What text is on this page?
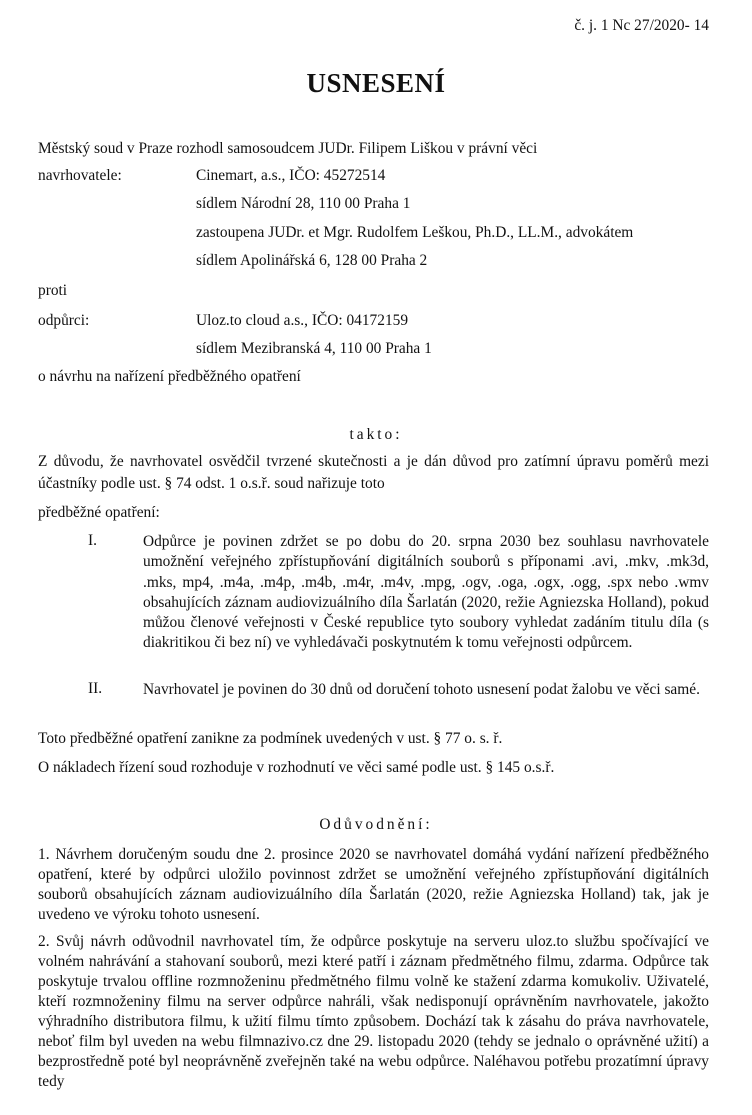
č. j. 1 Nc 27/2020- 14
USNESENÍ
Městský soud v Praze rozhodl samosoudcem JUDr. Filipem Liškou v právní věci
navrhovatele:	Cinemart, a.s., IČO: 45272514
sídlem Národní 28, 110 00 Praha 1
zastoupena JUDr. et Mgr. Rudolfem Leškou, Ph.D., LL.M., advokátem
sídlem Apolinářská 6, 128 00 Praha 2
proti
odpůrci:	Uloz.to cloud a.s., IČO: 04172159
sídlem Mezibranská 4, 110 00 Praha 1
o návrhu na nařízení předběžného opatření
takto:
Z důvodu, že navrhovatel osvědčil tvrzené skutečnosti a je dán důvod pro zatímní úpravu poměrů mezi účastníky podle ust. § 74 odst. 1 o.s.ř. soud nařizuje toto
předběžné opatření:
I.	Odpůrce je povinen zdržet se po dobu do 20. srpna 2030 bez souhlasu navrhovatele umožnění veřejného zpřístupňování digitálních souborů s příponami .avi, .mkv, .mk3d, .mks, mp4, .m4a, .m4p, .m4b, .m4r, .m4v, .mpg, .ogv, .oga, .ogx, .ogg, .spx nebo .wmv obsahujících záznam audiovizuálního díla Šarlatán (2020, režie Agniezska Holland), pokud můžou členové veřejnosti v České republice tyto soubory vyhledat zadáním titulu díla (s diakritikou či bez ní) ve vyhledávači poskytnutém k tomu veřejnosti odpůrcem.
II.	Navrhovatel je povinen do 30 dnů od doručení tohoto usnesení podat žalobu ve věci samé.
Toto předběžné opatření zanikne za podmínek uvedených v ust. § 77 o. s. ř.
O nákladech řízení soud rozhoduje v rozhodnutí ve věci samé podle ust. § 145 o.s.ř.
Odůvodnění:
1. Návrhem doručeným soudu dne 2. prosince 2020 se navrhovatel domáhá vydání nařízení předběžného opatření, které by odpůrci uložilo povinnost zdržet se umožnění veřejného zpřístupňování digitálních souborů obsahujících záznam audiovizuálního díla Šarlatán (2020, režie Agniezska Holland) tak, jak je uvedeno ve výroku tohoto usnesení.
2. Svůj návrh odůvodnil navrhovatel tím, že odpůrce poskytuje na serveru uloz.to službu spočívající ve volném nahrávání a stahovaní souborů, mezi které patří i záznam předmětného filmu, zdarma. Odpůrce tak poskytuje trvalou offline rozmnoženinu předmětného filmu volně ke stažení zdarma komukoliv. Uživatelé, kteří rozmnoženiny filmu na server odpůrce nahráli, však nedisponují oprávněním navrhovatele, jakožto výhradního distributora filmu, k užití filmu tímto způsobem. Dochází tak k zásahu do práva navrhovatele, neboť film byl uveden na webu filmnazivo.cz dne 29. listopadu 2020 (tehdy se jednalo o oprávněné užití) a bezprostředně poté byl neoprávněně zveřejněn také na webu odpůrce. Naléhavou potřebu prozatímní úpravy tedy
